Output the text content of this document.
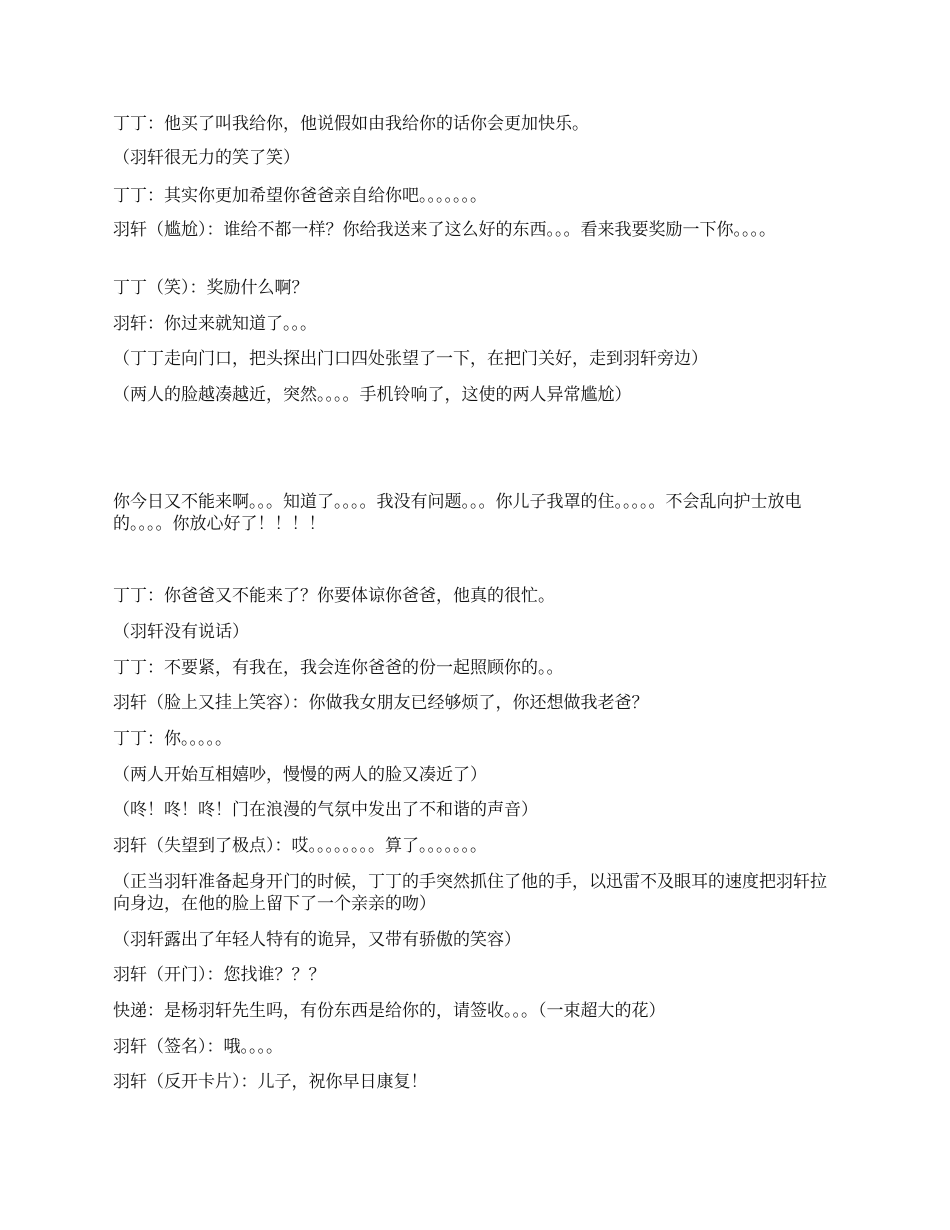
丁丁：他买了叫我给你，他说假如由我给你的话你会更加快乐。

（羽轩很无力的笑了笑）

丁丁：其实你更加希望你爸爸亲自给你吧。。。。。。。

羽轩（尴尬）：谁给不都一样？你给我送来了这么好的东西。。。看来我要奖励一下你。。。。

丁丁（笑）：奖励什么啊？

羽轩：你过来就知道了。。。

（丁丁走向门口，把头探出门口四处张望了一下，在把门关好，走到羽轩旁边）

（两人的脸越凑越近，突然。。。。手机铃响了，这使的两人异常尴尬）

你今日又不能来啊。。。知道了。。。。我没有问题。。。你儿子我罩的住。。。。。不会乱向护士放电的。。。。你放心好了！！！！

丁丁：你爸爸又不能来了？你要体谅你爸爸，他真的很忙。

（羽轩没有说话）

丁丁：不要紧，有我在，我会连你爸爸的份一起照顾你的。。

羽轩（脸上又挂上笑容）：你做我女朋友已经够烦了，你还想做我老爸？

丁丁：你。。。。。

（两人开始互相嬉吵，慢慢的两人的脸又凑近了）

（咚！咚！咚！门在浪漫的气氛中发出了不和谐的声音）

羽轩（失望到了极点）：哎。。。。。。。。算了。。。。。。。

（正当羽轩准备起身开门的时候，丁丁的手突然抓住了他的手，以迅雷不及眼耳的速度把羽轩拉向身边，在他的脸上留下了一个亲亲的吻）

（羽轩露出了年轻人特有的诡异，又带有骄傲的笑容）

羽轩（开门）：您找谁？？？

快递：是杨羽轩先生吗，有份东西是给你的，请签收。。。（一束超大的花）

羽轩（签名）：哦。。。。

羽轩（反开卡片）：儿子，祝你早日康复！
